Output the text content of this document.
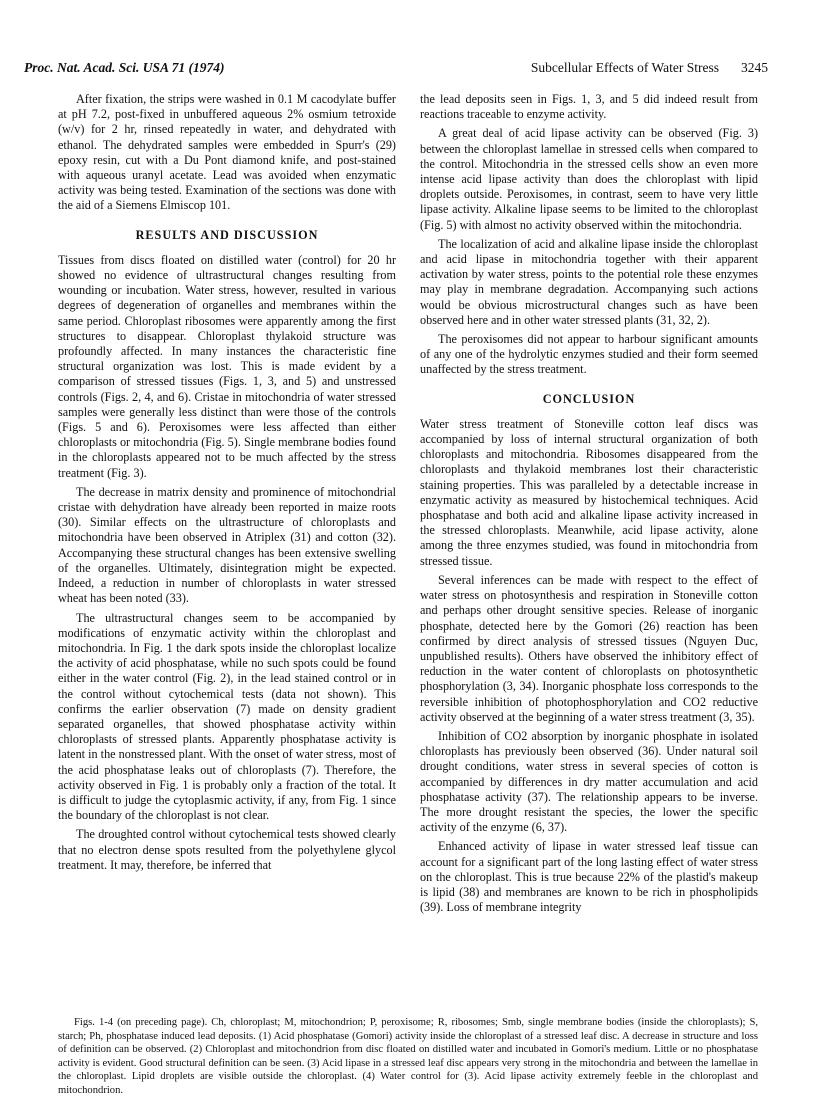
Proc. Nat. Acad. Sci. USA 71 (1974)	Subcellular Effects of Water Stress 3245

After fixation, the strips were washed in 0.1 M cacodylate buffer at pH 7.2, post-fixed in unbuffered aqueous 2% osmium tetroxide (w/v) for 2 hr, rinsed repeatedly in water, and dehydrated with ethanol. The dehydrated samples were embedded in Spurr's (29) epoxy resin, cut with a Du Pont diamond knife, and post-stained with aqueous uranyl acetate. Lead was avoided when enzymatic activity was being tested. Examination of the sections was done with the aid of a Siemens Elmiscop 101.

RESULTS AND DISCUSSION

Tissues from discs floated on distilled water (control) for 20 hr showed no evidence of ultrastructural changes resulting from wounding or incubation. Water stress, however, resulted in various degrees of degeneration of organelles and membranes within the same period. Chloroplast ribosomes were apparently among the first structures to disappear. Chloroplast thylakoid structure was profoundly affected. In many instances the characteristic fine structural organization was lost. This is made evident by a comparison of stressed tissues (Figs. 1, 3, and 5) and unstressed controls (Figs. 2, 4, and 6). Cristae in mitochondria of water stressed samples were generally less distinct than were those of the controls (Figs. 5 and 6). Peroxisomes were less affected than either chloroplasts or mitochondria (Fig. 5). Single membrane bodies found in the chloroplasts appeared not to be much affected by the stress treatment (Fig. 3).

The decrease in matrix density and prominence of mitochondrial cristae with dehydration have already been reported in maize roots (30). Similar effects on the ultrastructure of chloroplasts and mitochondria have been observed in Atriplex (31) and cotton (32). Accompanying these structural changes has been extensive swelling of the organelles. Ultimately, disintegration might be expected. Indeed, a reduction in number of chloroplasts in water stressed wheat has been noted (33).

The ultrastructural changes seem to be accompanied by modifications of enzymatic activity within the chloroplast and mitochondria. In Fig. 1 the dark spots inside the chloroplast localize the activity of acid phosphatase, while no such spots could be found either in the water control (Fig. 2), in the lead stained control or in the control without cytochemical tests (data not shown). This confirms the earlier observation (7) made on density gradient separated organelles, that showed phosphatase activity within chloroplasts of stressed plants. Apparently phosphatase activity is latent in the nonstressed plant. With the onset of water stress, most of the acid phosphatase leaks out of chloroplasts (7). Therefore, the activity observed in Fig. 1 is probably only a fraction of the total. It is difficult to judge the cytoplasmic activity, if any, from Fig. 1 since the boundary of the chloroplast is not clear.

The droughted control without cytochemical tests showed clearly that no electron dense spots resulted from the polyethylene glycol treatment. It may, therefore, be inferred that

the lead deposits seen in Figs. 1, 3, and 5 did indeed result from reactions traceable to enzyme activity.

A great deal of acid lipase activity can be observed (Fig. 3) between the chloroplast lamellae in stressed cells when compared to the control. Mitochondria in the stressed cells show an even more intense acid lipase activity than does the chloroplast with lipid droplets outside. Peroxisomes, in contrast, seem to have very little lipase activity. Alkaline lipase seems to be limited to the chloroplast (Fig. 5) with almost no activity observed within the mitochondria.

The localization of acid and alkaline lipase inside the chloroplast and acid lipase in mitochondria together with their apparent activation by water stress, points to the potential role these enzymes may play in membrane degradation. Accompanying such actions would be obvious microstructural changes such as have been observed here and in other water stressed plants (31, 32, 2).

The peroxisomes did not appear to harbour significant amounts of any one of the hydrolytic enzymes studied and their form seemed unaffected by the stress treatment.

CONCLUSION

Water stress treatment of Stoneville cotton leaf discs was accompanied by loss of internal structural organization of both chloroplasts and mitochondria. Ribosomes disappeared from the chloroplasts and thylakoid membranes lost their characteristic staining properties. This was paralleled by a detectable increase in enzymatic activity as measured by histochemical techniques. Acid phosphatase and both acid and alkaline lipase activity increased in the stressed chloroplasts. Meanwhile, acid lipase activity, alone among the three enzymes studied, was found in mitochondria from stressed tissue.

Several inferences can be made with respect to the effect of water stress on photosynthesis and respiration in Stoneville cotton and perhaps other drought sensitive species. Release of inorganic phosphate, detected here by the Gomori (26) reaction has been confirmed by direct analysis of stressed tissues (Nguyen Duc, unpublished results). Others have observed the inhibitory effect of reduction in the water content of chloroplasts on photosynthetic phosphorylation (3, 34). Inorganic phosphate loss corresponds to the reversible inhibition of photophosphorylation and CO2 reductive activity observed at the beginning of a water stress treatment (3, 35).

Inhibition of CO2 absorption by inorganic phosphate in isolated chloroplasts has previously been observed (36). Under natural soil drought conditions, water stress in several species of cotton is accompanied by differences in dry matter accumulation and acid phosphatase activity (37). The relationship appears to be inverse. The more drought resistant the species, the lower the specific activity of the enzyme (6, 37).

Enhanced activity of lipase in water stressed leaf tissue can account for a significant part of the long lasting effect of water stress on the chloroplast. This is true because 22% of the plastid's makeup is lipid (38) and membranes are known to be rich in phospholipids (39). Loss of membrane integrity

Figs. 1-4 (on preceding page). Ch, chloroplast; M, mitochondrion; P, peroxisome; R, ribosomes; Smb, single membrane bodies (inside the chloroplasts); S, starch; Ph, phosphatase induced lead deposits. (1) Acid phosphatase (Gomori) activity inside the chloroplast of a stressed leaf disc. A decrease in structure and loss of definition can be observed. (2) Chloroplast and mitochondrion from disc floated on distilled water and incubated in Gomori's medium. Little or no phosphatase activity is evident. Good structural definition can be seen. (3) Acid lipase in a stressed leaf disc appears very strong in the mitochondria and between the lamellae in the chloroplast. Lipid droplets are visible outside the chloroplast. (4) Water control for (3). Acid lipase activity extremely feeble in the chloroplast and mitochondrion.
